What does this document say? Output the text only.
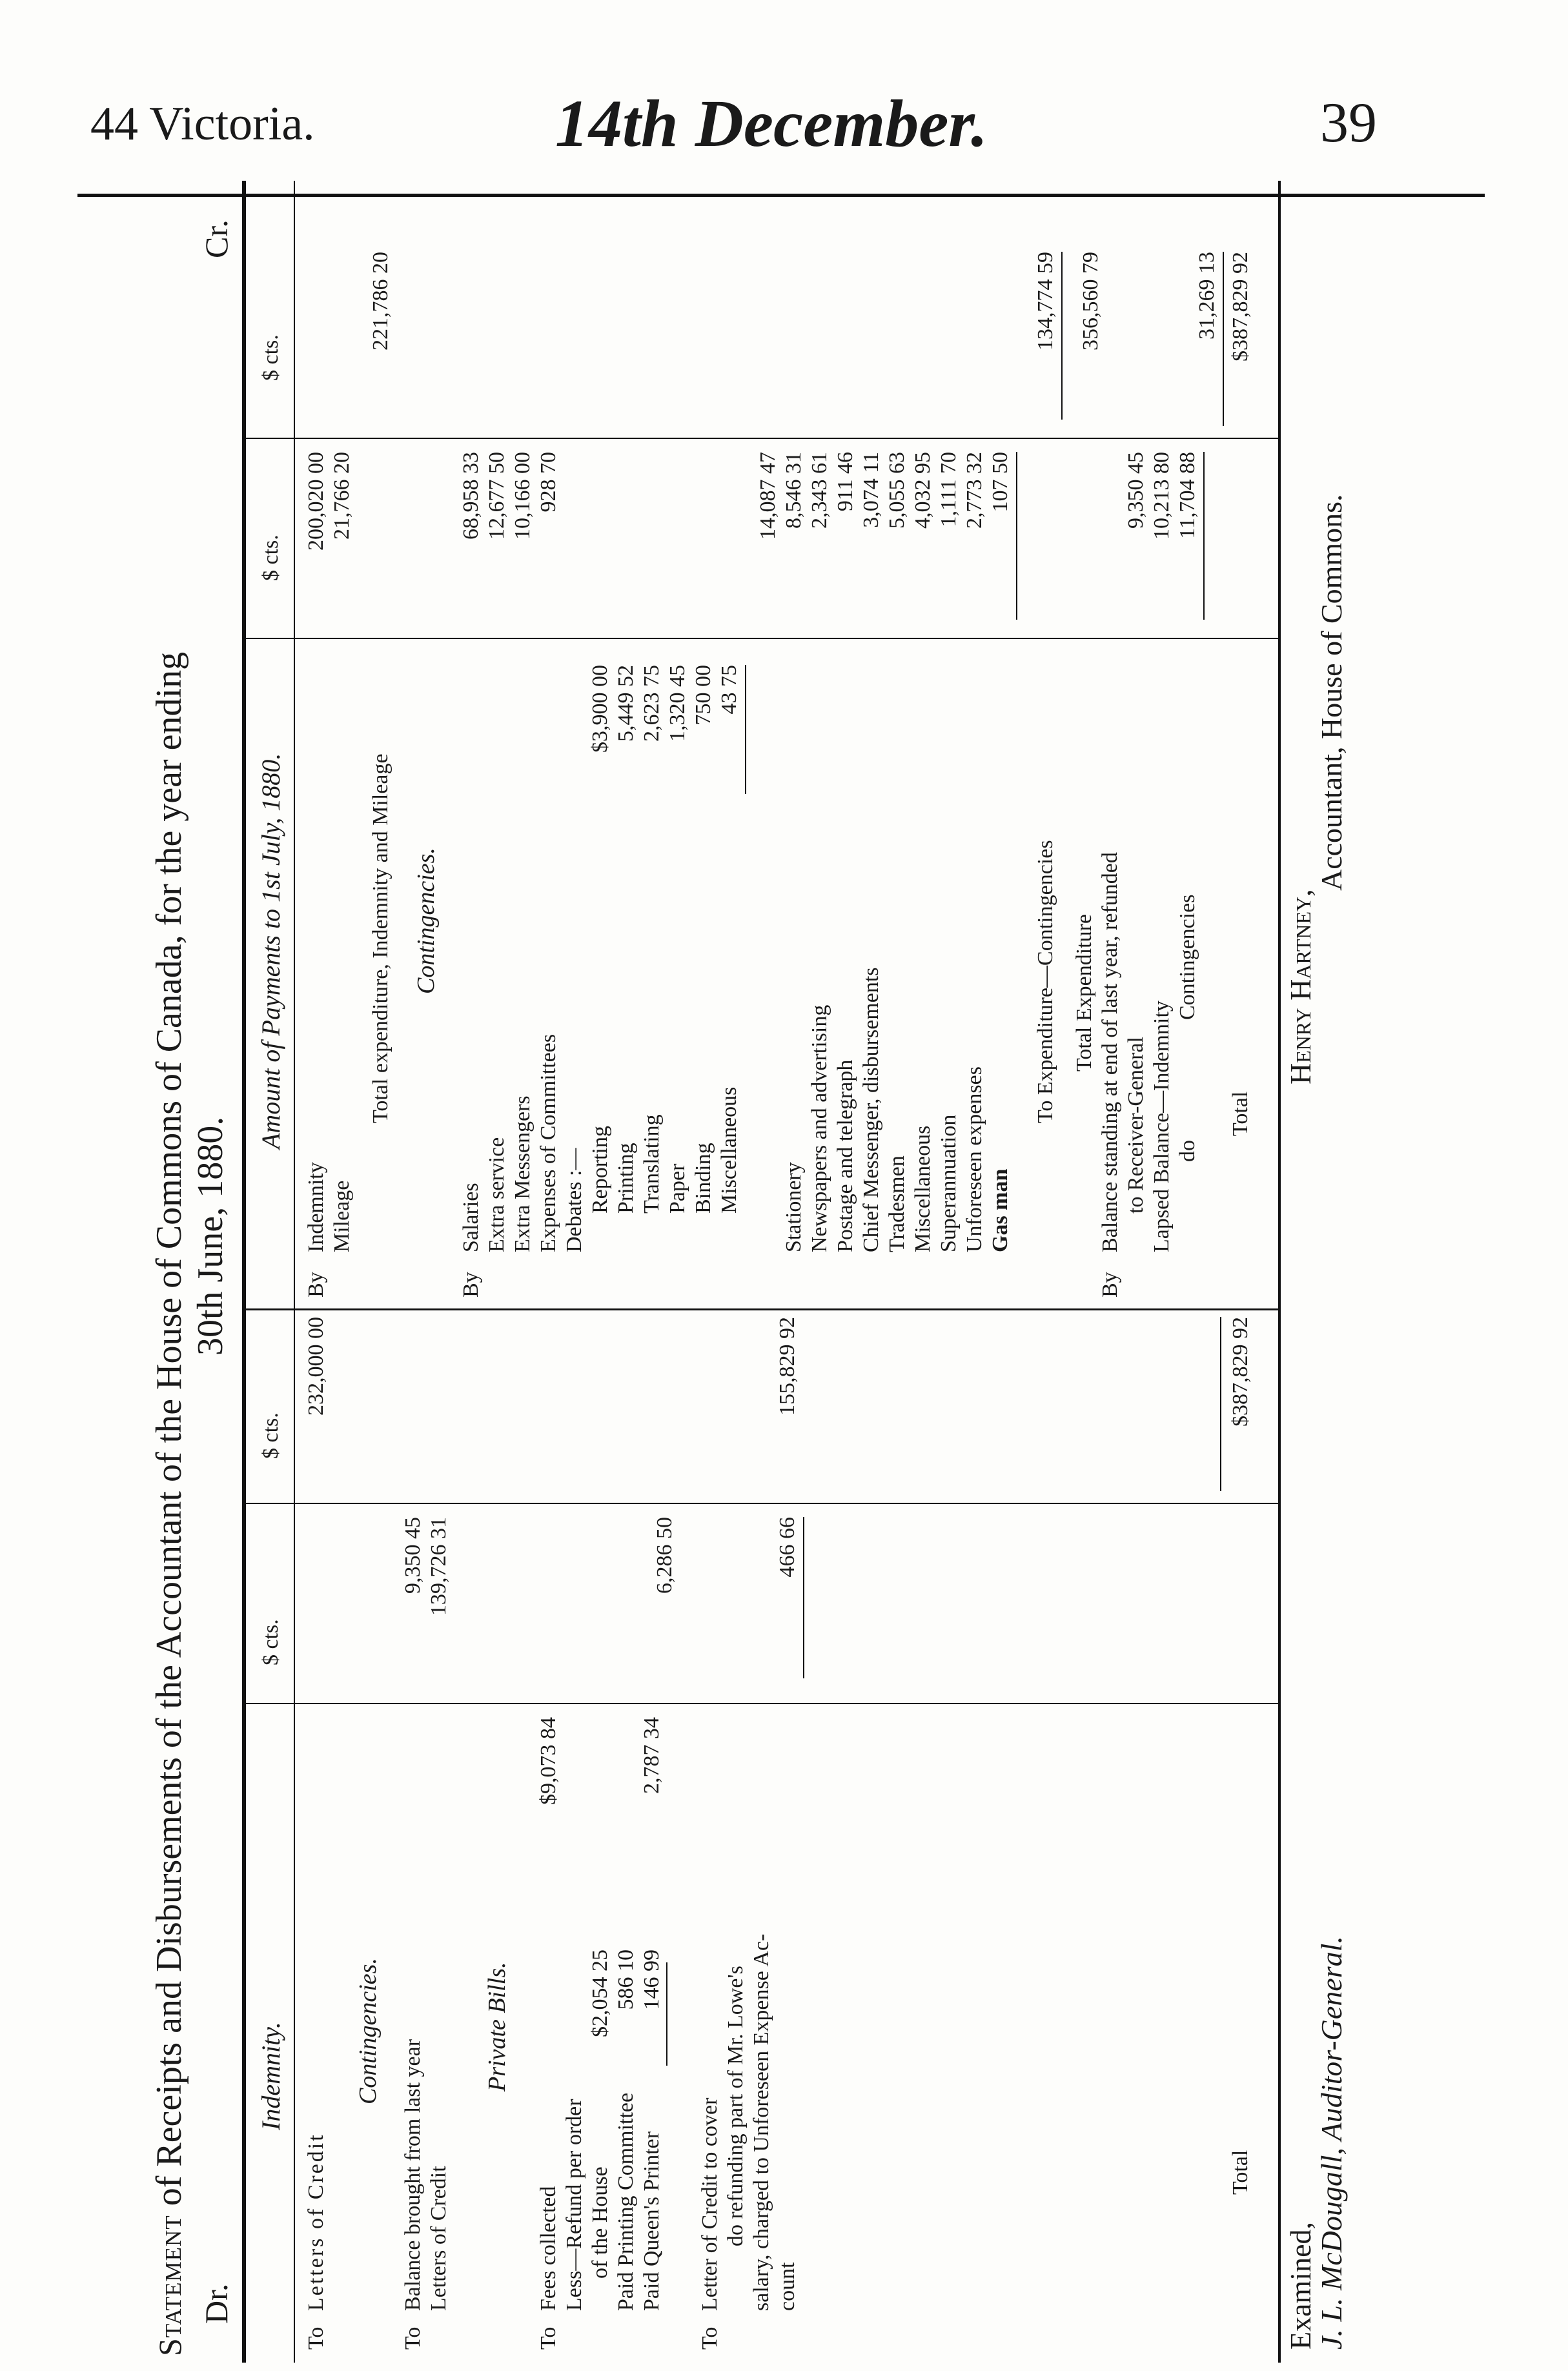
44 Victoria.	14th December.	39
Statement of Receipts and Disbursements of the Accountant of the House of Commons of Canada, for the year ending 30th June, 1880.
Dr.
Cr.
Indemnity.
$ cts.
$ cts.
Amount of Payments to 1st July, 1880.
$ cts.
$ cts.
To
Letters of Credit
232,000 00
Contingencies.
To
Balance brought from last year
9,350 45
Letters of Credit
139,726 31
Private Bills.
To
Fees collected
$9,073 84
Less—Refund per order of the House
$2,054 25
Paid Printing Committee
586 10
Paid Queen's Printer
146 99
2,787 34
6,286 50
To
Letter of Credit to cover do refunding part of Mr. Lowe's salary, charged to Unforeseen Expense Ac- count
466 66
155,829 92
Total
$387,829 92
By
Indemnity
200,020 00
Mileage
21,766 20
Total expenditure, Indemnity and Mileage
221,786 20
Contingencies.
By
Salaries
68,958 33
Extra service
12,677 50
Extra Messengers
10,166 00
Expenses of Committees
928 70
Debates :— Reporting
$3,900 00
Printing
5,449 52
Translating
2,623 75
Paper
1,320 45
Binding
750 00
Miscellaneous
43 75
14,087 47
Stationery
8,546 31
Newspapers and advertising
2,343 61
Postage and telegraph
911 46
Chief Messenger, disbursements
3,074 11
Tradesmen
5,055 63
Miscellaneous
4,032 95
Superannuation
1,111 70
Unforeseen expenses
2,773 32
Gas man
107 50
To Expenditure—Contingencies
134,774 59
Total Expenditure
356,560 79
By
Balance standing at end of last year, refunded to Receiver-General
9,350 45
Lapsed Balance—Indemnity
10,213 80
do
Contingencies
11,704 88
31,269 13
Total
$387,829 92
Examined,
J. L. McDougall, Auditor-General.
Henry Hartney,
Accountant, House of Commons.
